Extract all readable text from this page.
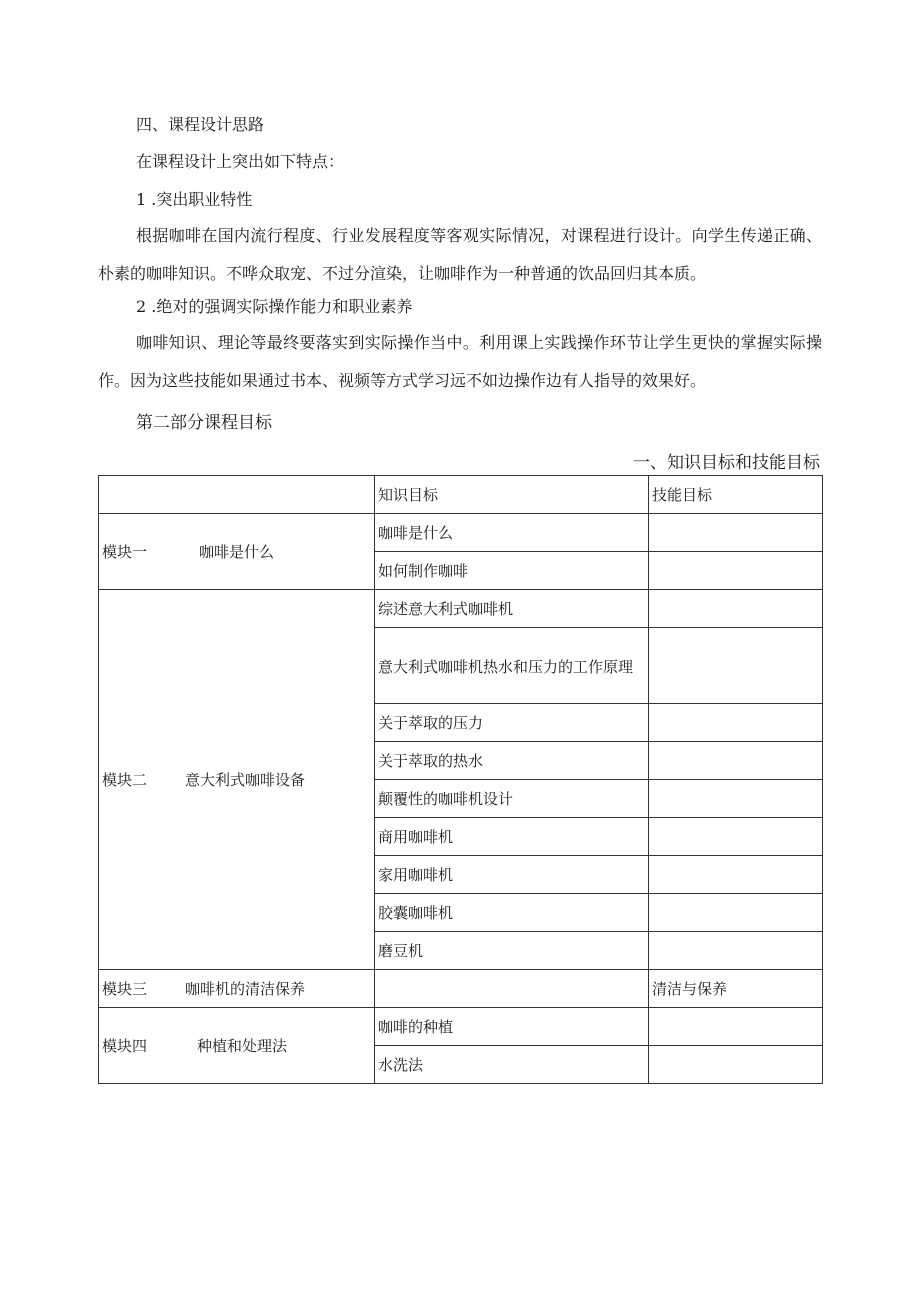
四、课程设计思路
在课程设计上突出如下特点：
1 .突出职业特性
根据咖啡在国内流行程度、行业发展程度等客观实际情况，对课程进行设计。向学生传递正确、朴素的咖啡知识。不哗众取宠、不过分渲染，让咖啡作为一种普通的饮品回归其本质。
2 .绝对的强调实际操作能力和职业素养
咖啡知识、理论等最终要落实到实际操作当中。利用课上实践操作环节让学生更快的掌握实际操作。因为这些技能如果通过书本、视频等方式学习远不如边操作边有人指导的效果好。
第二部分课程目标
一、知识目标和技能目标
	知识目标	技能目标
模块一 咖啡是什么	咖啡是什么	
	如何制作咖啡	
模块二 意大利式咖啡设备	综述意大利式咖啡机	
	意大利式咖啡机热水和压力的工作原理	
	关于萃取的压力	
	关于萃取的热水	
	颠覆性的咖啡机设计	
	商用咖啡机	
	家用咖啡机	
	胶囊咖啡机	
	磨豆机	
模块三 咖啡机的清洁保养		清洁与保养
模块四 种植和处理法	咖啡的种植	
	水洗法	
